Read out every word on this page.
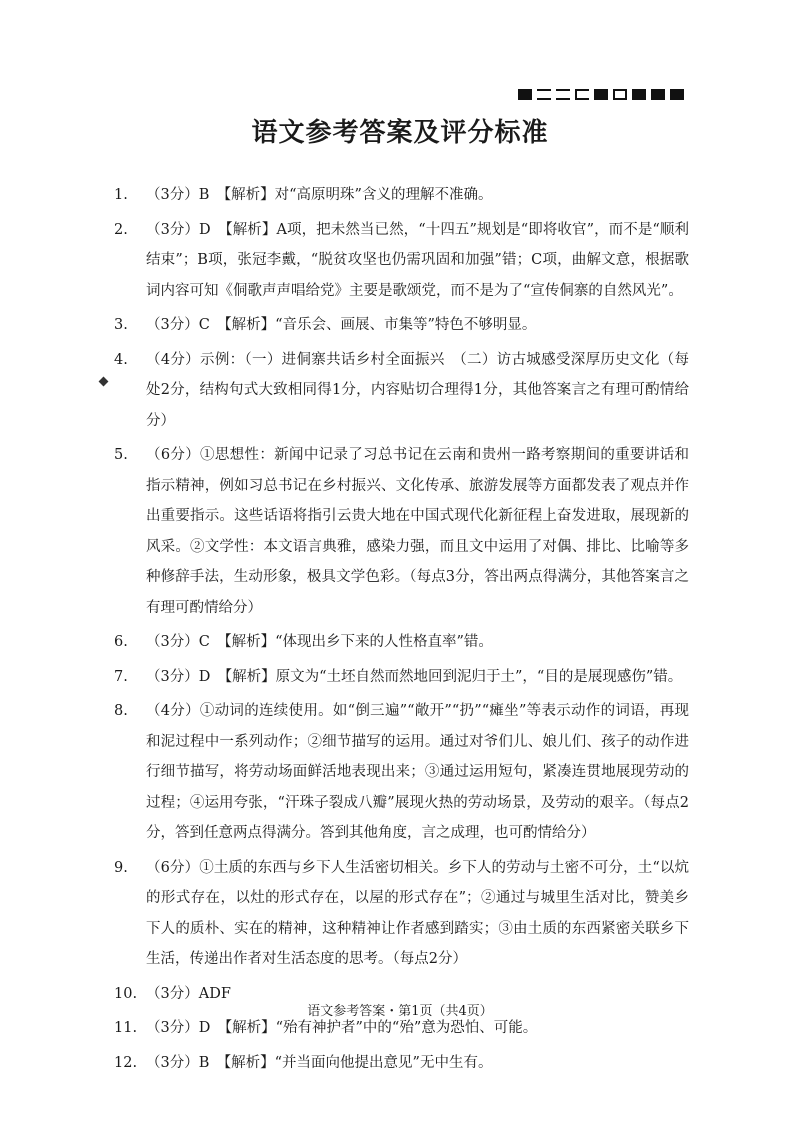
语文参考答案及评分标准
1.	（3分）B　【解析】对“高原明珠”含义的理解不准确。
2.	（3分）D　【解析】A项，把未然当已然，“十四五”规划是“即将收官”，而不是“顺利结束”；B项，张冠李戴，“脱贫攻坚也仍需巩固和加强”错；C项，曲解文意，根据歌词内容可知《侗歌声声唱给党》主要是歌颂党，而不是为了“宣传侗寨的自然风光”。
3.	（3分）C　【解析】“音乐会、画展、市集等”特色不够明显。
4.	（4分）示例：（一）进侗寨共话乡村全面振兴　（二）访古城感受深厚历史文化（每处2分，结构句式大致相同得1分，内容贴切合理得1分，其他答案言之有理可酌情给分）
5.	（6分）①思想性：新闻中记录了习总书记在云南和贵州一路考察期间的重要讲话和指示精神，例如习总书记在乡村振兴、文化传承、旅游发展等方面都发表了观点并作出重要指示。这些话语将指引云贵大地在中国式现代化新征程上奋发进取，展现新的风采。②文学性：本文语言典雅，感染力强，而且文中运用了对偶、排比、比喻等多种修辞手法，生动形象，极具文学色彩。（每点3分，答出两点得满分，其他答案言之有理可酌情给分）
6.	（3分）C　【解析】“体现出乡下来的人性格直率”错。
7.	（3分）D　【解析】原文为“土坯自然而然地回到泥归于土”，“目的是展现感伤”错。
8.	（4分）①动词的连续使用。如“倒三遍”“敞开”“扔”“瘫坐”等表示动作的词语，再现和泥过程中一系列动作；②细节描写的运用。通过对爷们儿、娘儿们、孩子的动作进行细节描写，将劳动场面鲜活地表现出来；③通过运用短句，紧凑连贯地展现劳动的过程；④运用夸张，“汗珠子裂成八瓣”展现火热的劳动场景，及劳动的艰辛。（每点2分，答到任意两点得满分。答到其他角度，言之成理，也可酌情给分）
9.	（6分）①土质的东西与乡下人生活密切相关。乡下人的劳动与土密不可分，土“以炕的形式存在，以灶的形式存在，以屋的形式存在”；②通过与城里生活对比，赞美乡下人的质朴、实在的精神，这种精神让作者感到踏实；③由土质的东西紧密关联乡下生活，传递出作者对生活态度的思考。（每点2分）
10. （3分）ADF
11. （3分）D　【解析】“殆有神护者”中的“殆”意为恐怕、可能。
12. （3分）B　【解析】“并当面向他提出意见”无中生有。
语文参考答案・第1页（共4页）
